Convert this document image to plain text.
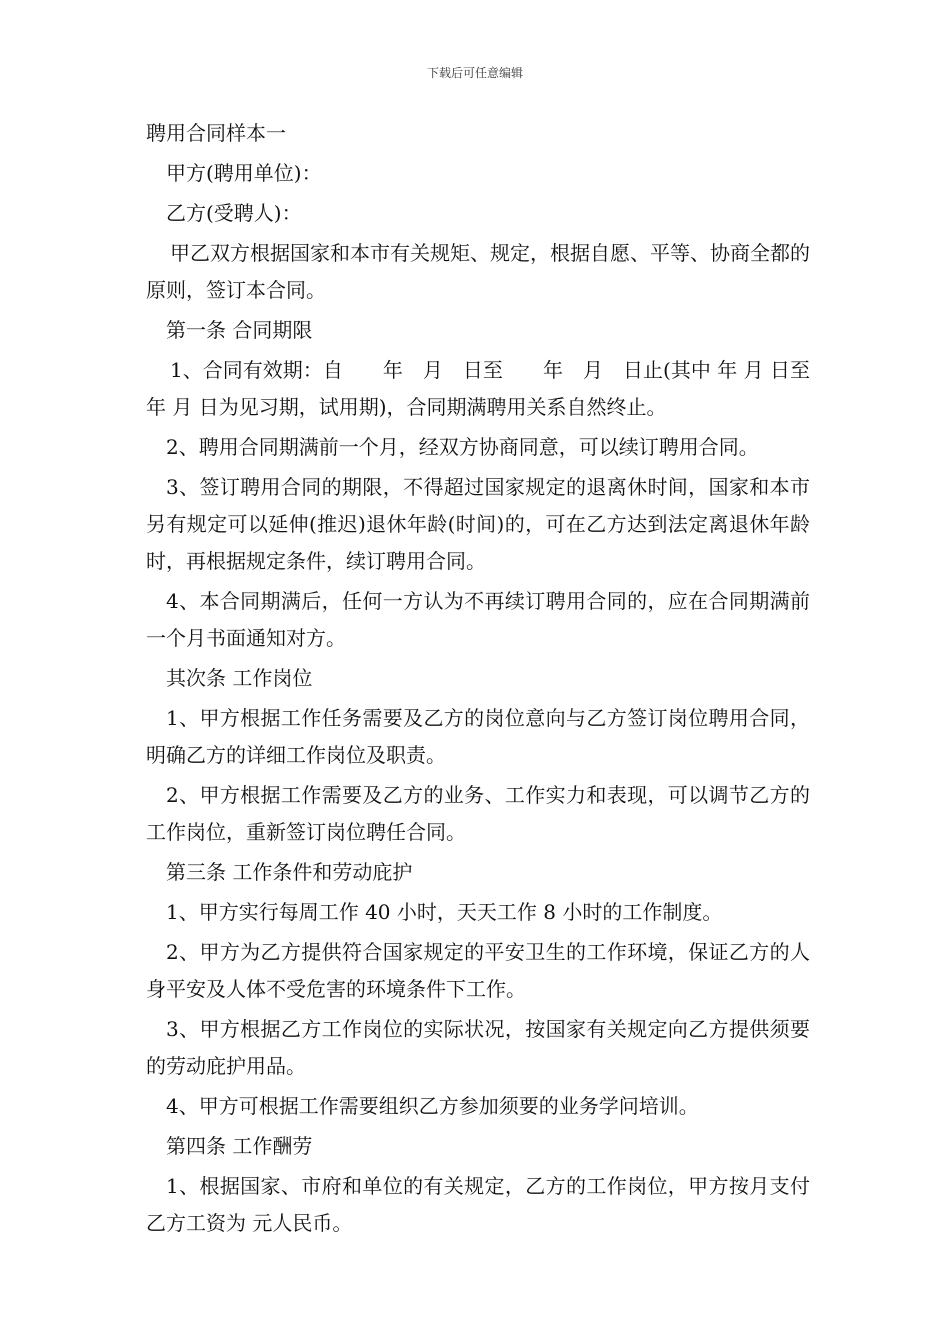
下载后可任意编辑

聘用合同样本一

甲方(聘用单位)：

乙方(受聘人)：

甲乙双方根据国家和本市有关规矩、规定，根据自愿、平等、协商全都的原则，签订本合同。

第一条 合同期限

1、合同有效期：自　　年　月　日至　　年　月　日止(其中 年 月 日至 年 月 日为见习期，试用期)，合同期满聘用关系自然终止。

2、聘用合同期满前一个月，经双方协商同意，可以续订聘用合同。

3、签订聘用合同的期限，不得超过国家规定的退离休时间，国家和本市另有规定可以延伸(推迟)退休年龄(时间)的，可在乙方达到法定离退休年龄时，再根据规定条件，续订聘用合同。

4、本合同期满后，任何一方认为不再续订聘用合同的，应在合同期满前一个月书面通知对方。

其次条 工作岗位

1、甲方根据工作任务需要及乙方的岗位意向与乙方签订岗位聘用合同，明确乙方的详细工作岗位及职责。

2、甲方根据工作需要及乙方的业务、工作实力和表现，可以调节乙方的工作岗位，重新签订岗位聘任合同。

第三条 工作条件和劳动庇护

1、甲方实行每周工作 40 小时，天天工作 8 小时的工作制度。

2、甲方为乙方提供符合国家规定的平安卫生的工作环境，保证乙方的人身平安及人体不受危害的环境条件下工作。

3、甲方根据乙方工作岗位的实际状况，按国家有关规定向乙方提供须要的劳动庇护用品。

4、甲方可根据工作需要组织乙方参加须要的业务学问培训。

第四条 工作酬劳

1、根据国家、市府和单位的有关规定，乙方的工作岗位，甲方按月支付乙方工资为 元人民币。
